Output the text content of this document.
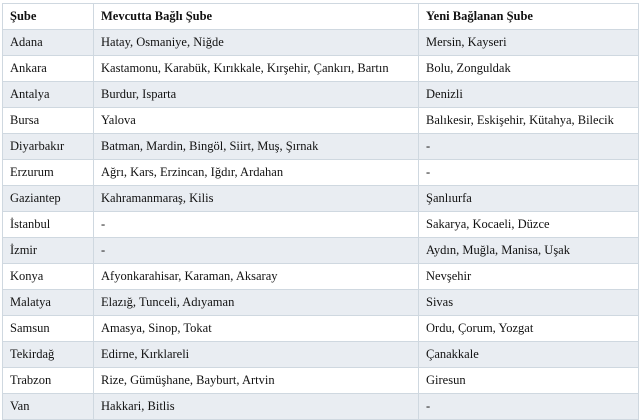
Şube	Mevcutta Bağlı Şube	Yeni Bağlanan Şube
Adana	Hatay, Osmaniye, Niğde	Mersin, Kayseri
Ankara	Kastamonu, Karabük, Kırıkkale, Kırşehir, Çankırı, Bartın	Bolu, Zonguldak
Antalya	Burdur, Isparta	Denizli
Bursa	Yalova	Balıkesir, Eskişehir, Kütahya, Bilecik
Diyarbakır	Batman, Mardin, Bingöl, Siirt, Muş, Şırnak	-
Erzurum	Ağrı, Kars, Erzincan, Iğdır, Ardahan	-
Gaziantep	Kahramanmaraş, Kilis	Şanlıurfa
İstanbul	-	Sakarya, Kocaeli, Düzce
İzmir	-	Aydın, Muğla, Manisa, Uşak
Konya	Afyonkarahisar, Karaman, Aksaray	Nevşehir
Malatya	Elazığ, Tunceli, Adıyaman	Sivas
Samsun	Amasya, Sinop, Tokat	Ordu, Çorum, Yozgat
Tekirdağ	Edirne, Kırklareli	Çanakkale
Trabzon	Rize, Gümüşhane, Bayburt, Artvin	Giresun
Van	Hakkari, Bitlis	-
